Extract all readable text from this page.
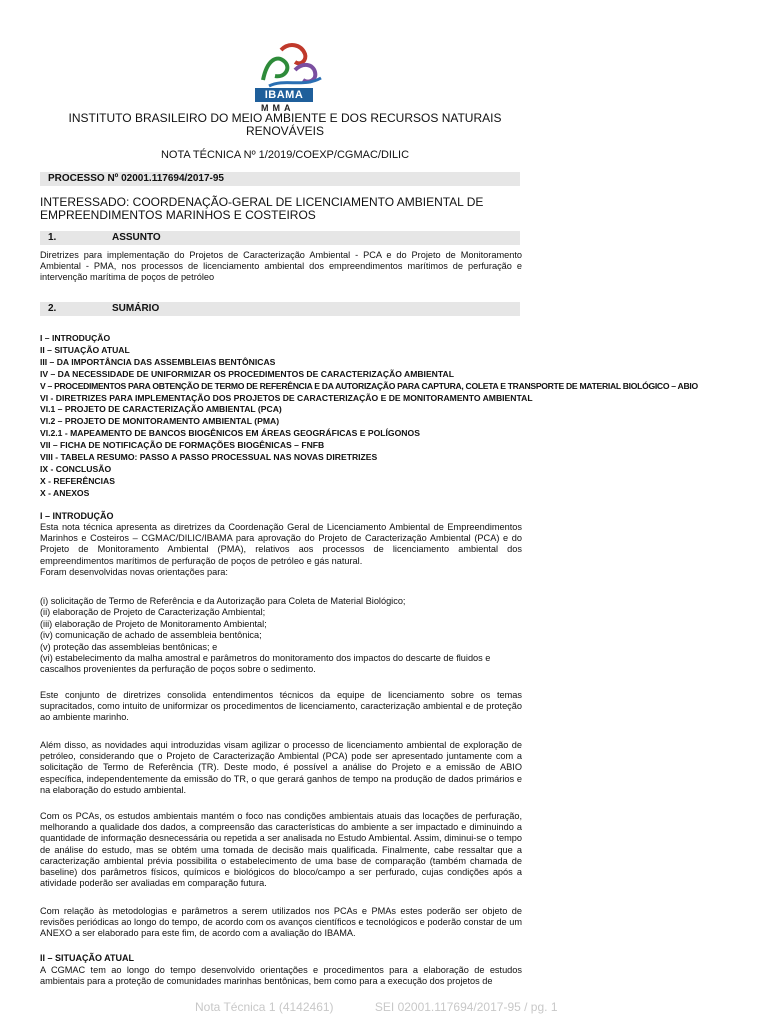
IBAMA
MMA
INSTITUTO BRASILEIRO DO MEIO AMBIENTE E DOS RECURSOS NATURAIS RENOVÁVEIS
NOTA TÉCNICA Nº 1/2019/COEXP/CGMAC/DILIC
PROCESSO Nº 02001.117694/2017-95
INTERESSADO: COORDENAÇÃO-GERAL DE LICENCIAMENTO AMBIENTAL DE EMPREENDIMENTOS MARINHOS E COSTEIROS
1.	ASSUNTO
Diretrizes para implementação do Projetos de Caracterização Ambiental - PCA e do Projeto de Monitoramento Ambiental - PMA, nos processos de licenciamento ambiental dos empreendimentos marítimos de perfuração e intervenção marítima de poços de petróleo
2.	SUMÁRIO
I – INTRODUÇÃO
II – SITUAÇÃO ATUAL
III – DA IMPORTÂNCIA DAS ASSEMBLEIAS BENTÔNICAS
IV – DA NECESSIDADE DE UNIFORMIZAR OS PROCEDIMENTOS DE CARACTERIZAÇÃO AMBIENTAL
V – PROCEDIMENTOS PARA OBTENÇÃO DE TERMO DE REFERÊNCIA E DA AUTORIZAÇÃO PARA CAPTURA, COLETA E TRANSPORTE DE MATERIAL BIOLÓGICO – ABIO
VI - DIRETRIZES PARA IMPLEMENTAÇÃO DOS PROJETOS DE CARACTERIZAÇÃO E DE MONITORAMENTO AMBIENTAL
VI.1 – PROJETO DE CARACTERIZAÇÃO AMBIENTAL (PCA)
VI.2 – PROJETO DE MONITORAMENTO AMBIENTAL (PMA)
VI.2.1 - MAPEAMENTO DE BANCOS BIOGÊNICOS EM ÁREAS GEOGRÁFICAS E POLÍGONOS
VII – FICHA DE NOTIFICAÇÃO DE FORMAÇÕES BIOGÊNICAS – FNFB
VIII - TABELA RESUMO: PASSO A PASSO PROCESSUAL NAS NOVAS DIRETRIZES
IX - CONCLUSÃO
X - REFERÊNCIAS
X - ANEXOS
I – INTRODUÇÃO

Esta nota técnica apresenta as diretrizes da Coordenação Geral de Licenciamento Ambiental de Empreendimentos Marinhos e Costeiros – CGMAC/DILIC/IBAMA para aprovação do Projeto de Caracterização Ambiental (PCA) e do Projeto de Monitoramento Ambiental (PMA), relativos aos processos de licenciamento ambiental dos empreendimentos marítimos de perfuração de poços de petróleo e gás natural.

Foram desenvolvidas novas orientações para:

(i) solicitação de Termo de Referência e da Autorização para Coleta de Material Biológico;
(ii) elaboração de Projeto de Caracterização Ambiental;
(iii) elaboração de Projeto de Monitoramento Ambiental;
(iv) comunicação de achado de assembleia bentônica;
(v) proteção das assembleias bentônicas; e
(vi) estabelecimento da malha amostral e parâmetros do monitoramento dos impactos do descarte de fluidos e cascalhos provenientes da perfuração de poços sobre o sedimento.
Este conjunto de diretrizes consolida entendimentos técnicos da equipe de licenciamento sobre os temas supracitados, como intuito de uniformizar os procedimentos de licenciamento, caracterização ambiental e de proteção ao ambiente marinho.
Além disso, as novidades aqui introduzidas visam agilizar o processo de licenciamento ambiental de exploração de petróleo, considerando que o Projeto de Caracterização Ambiental (PCA) pode ser apresentado juntamente com a solicitação de Termo de Referência (TR). Deste modo, é possível a análise do Projeto e a emissão de ABIO específica, independentemente da emissão do TR, o que gerará ganhos de tempo na produção de dados primários e na elaboração do estudo ambiental.
Com os PCAs, os estudos ambientais mantém o foco nas condições ambientais atuais das locações de perfuração, melhorando a qualidade dos dados, a compreensão das características do ambiente a ser impactado e diminuindo a quantidade de informação desnecessária ou repetida a ser analisada no Estudo Ambiental. Assim, diminui-se o tempo de análise do estudo, mas se obtém uma tomada de decisão mais qualificada. Finalmente, cabe ressaltar que a caracterização ambiental prévia possibilita o estabelecimento de uma base de comparação (também chamada de baseline) dos parâmetros físicos, químicos e biológicos do bloco/campo a ser perfurado, cujas condições após a atividade poderão ser avaliadas em comparação futura.
Com relação às metodologias e parâmetros a serem utilizados nos PCAs e PMAs estes poderão ser objeto de revisões periódicas ao longo do tempo, de acordo com os avanços científicos e tecnológicos e poderão constar de um ANEXO a ser elaborado para este fim, de acordo com a avaliação do IBAMA.
II – SITUAÇÃO ATUAL
A CGMAC tem ao longo do tempo desenvolvido orientações e procedimentos para a elaboração de estudos ambientais para a proteção de comunidades marinhas bentônicas, bem como para a execução dos projetos de
Nota Técnica 1 (4142461)	SEI 02001.117694/2017-95 / pg. 1
